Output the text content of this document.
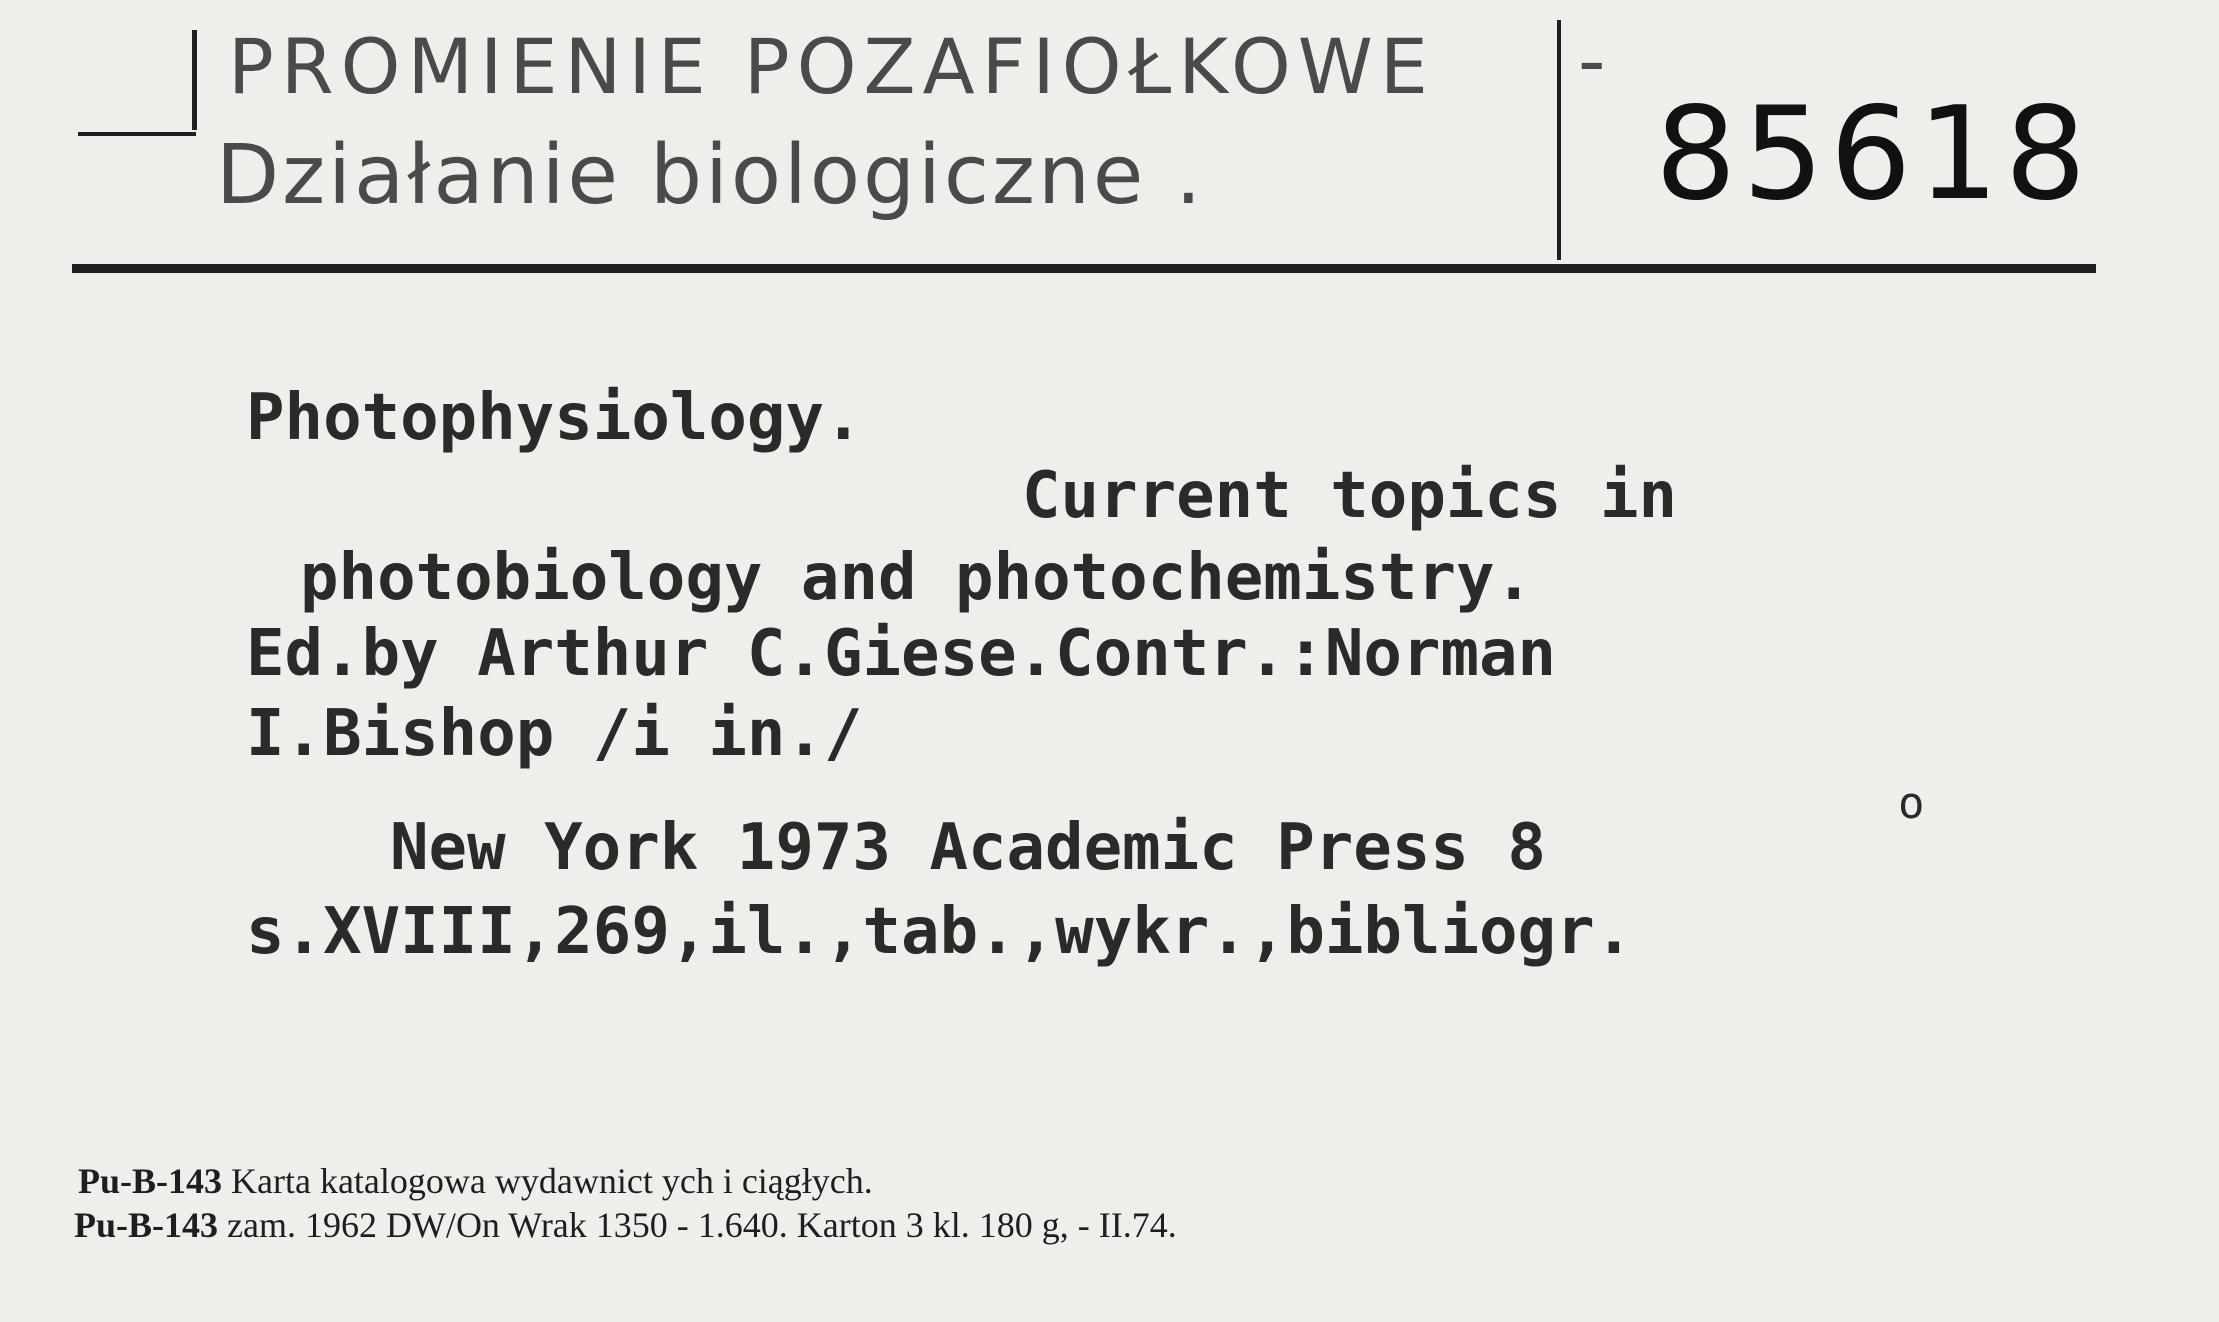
PROMIENIE POZAFIOŁKOWE -
Działanie biologiczne .	85618
Photophysiology.
Current topics in
photobiology and photochemistry.
Ed.by Arthur C.Giese.Contr.:Norman
I.Bishop /i in./
New York 1973 Academic Press 8
o
s.XVIII,269,il.,tab.,wykr.,bibliogr.
Pu-B-143 Karta katalogowa wydawnict ych i ciągłych.
Pu-B-143 zam. 1962 DW/On Wrak 1350 - 1.640. Karton 3 kl. 180 g, - II.74.
